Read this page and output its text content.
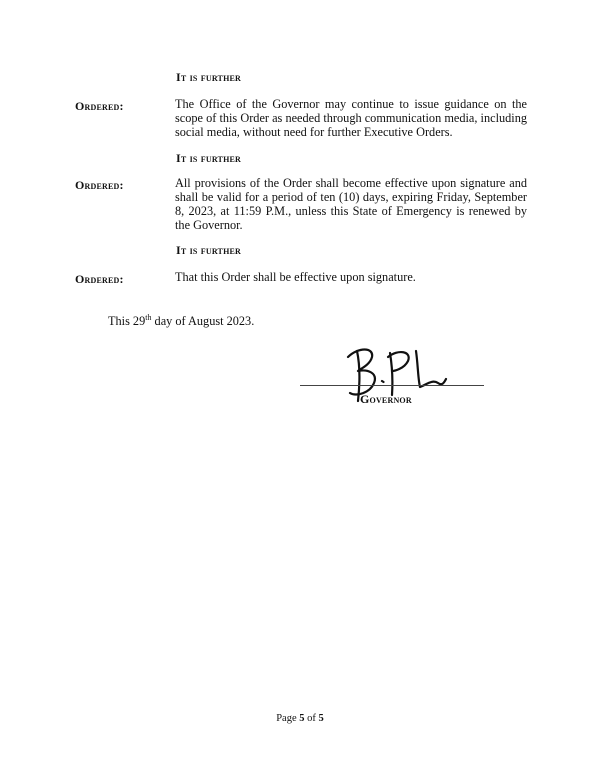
It is further
Ordered:	The Office of the Governor may continue to issue guidance on the scope of this Order as needed through communication media, including social media, without need for further Executive Orders.
It is further
Ordered:	All provisions of the Order shall become effective upon signature and shall be valid for a period of ten (10) days, expiring Friday, September 8, 2023, at 11:59 P.M., unless this State of Emergency is renewed by the Governor.
It is further
Ordered:	That this Order shall be effective upon signature.
This 29th day of August 2023.
Governor
Page 5 of 5
